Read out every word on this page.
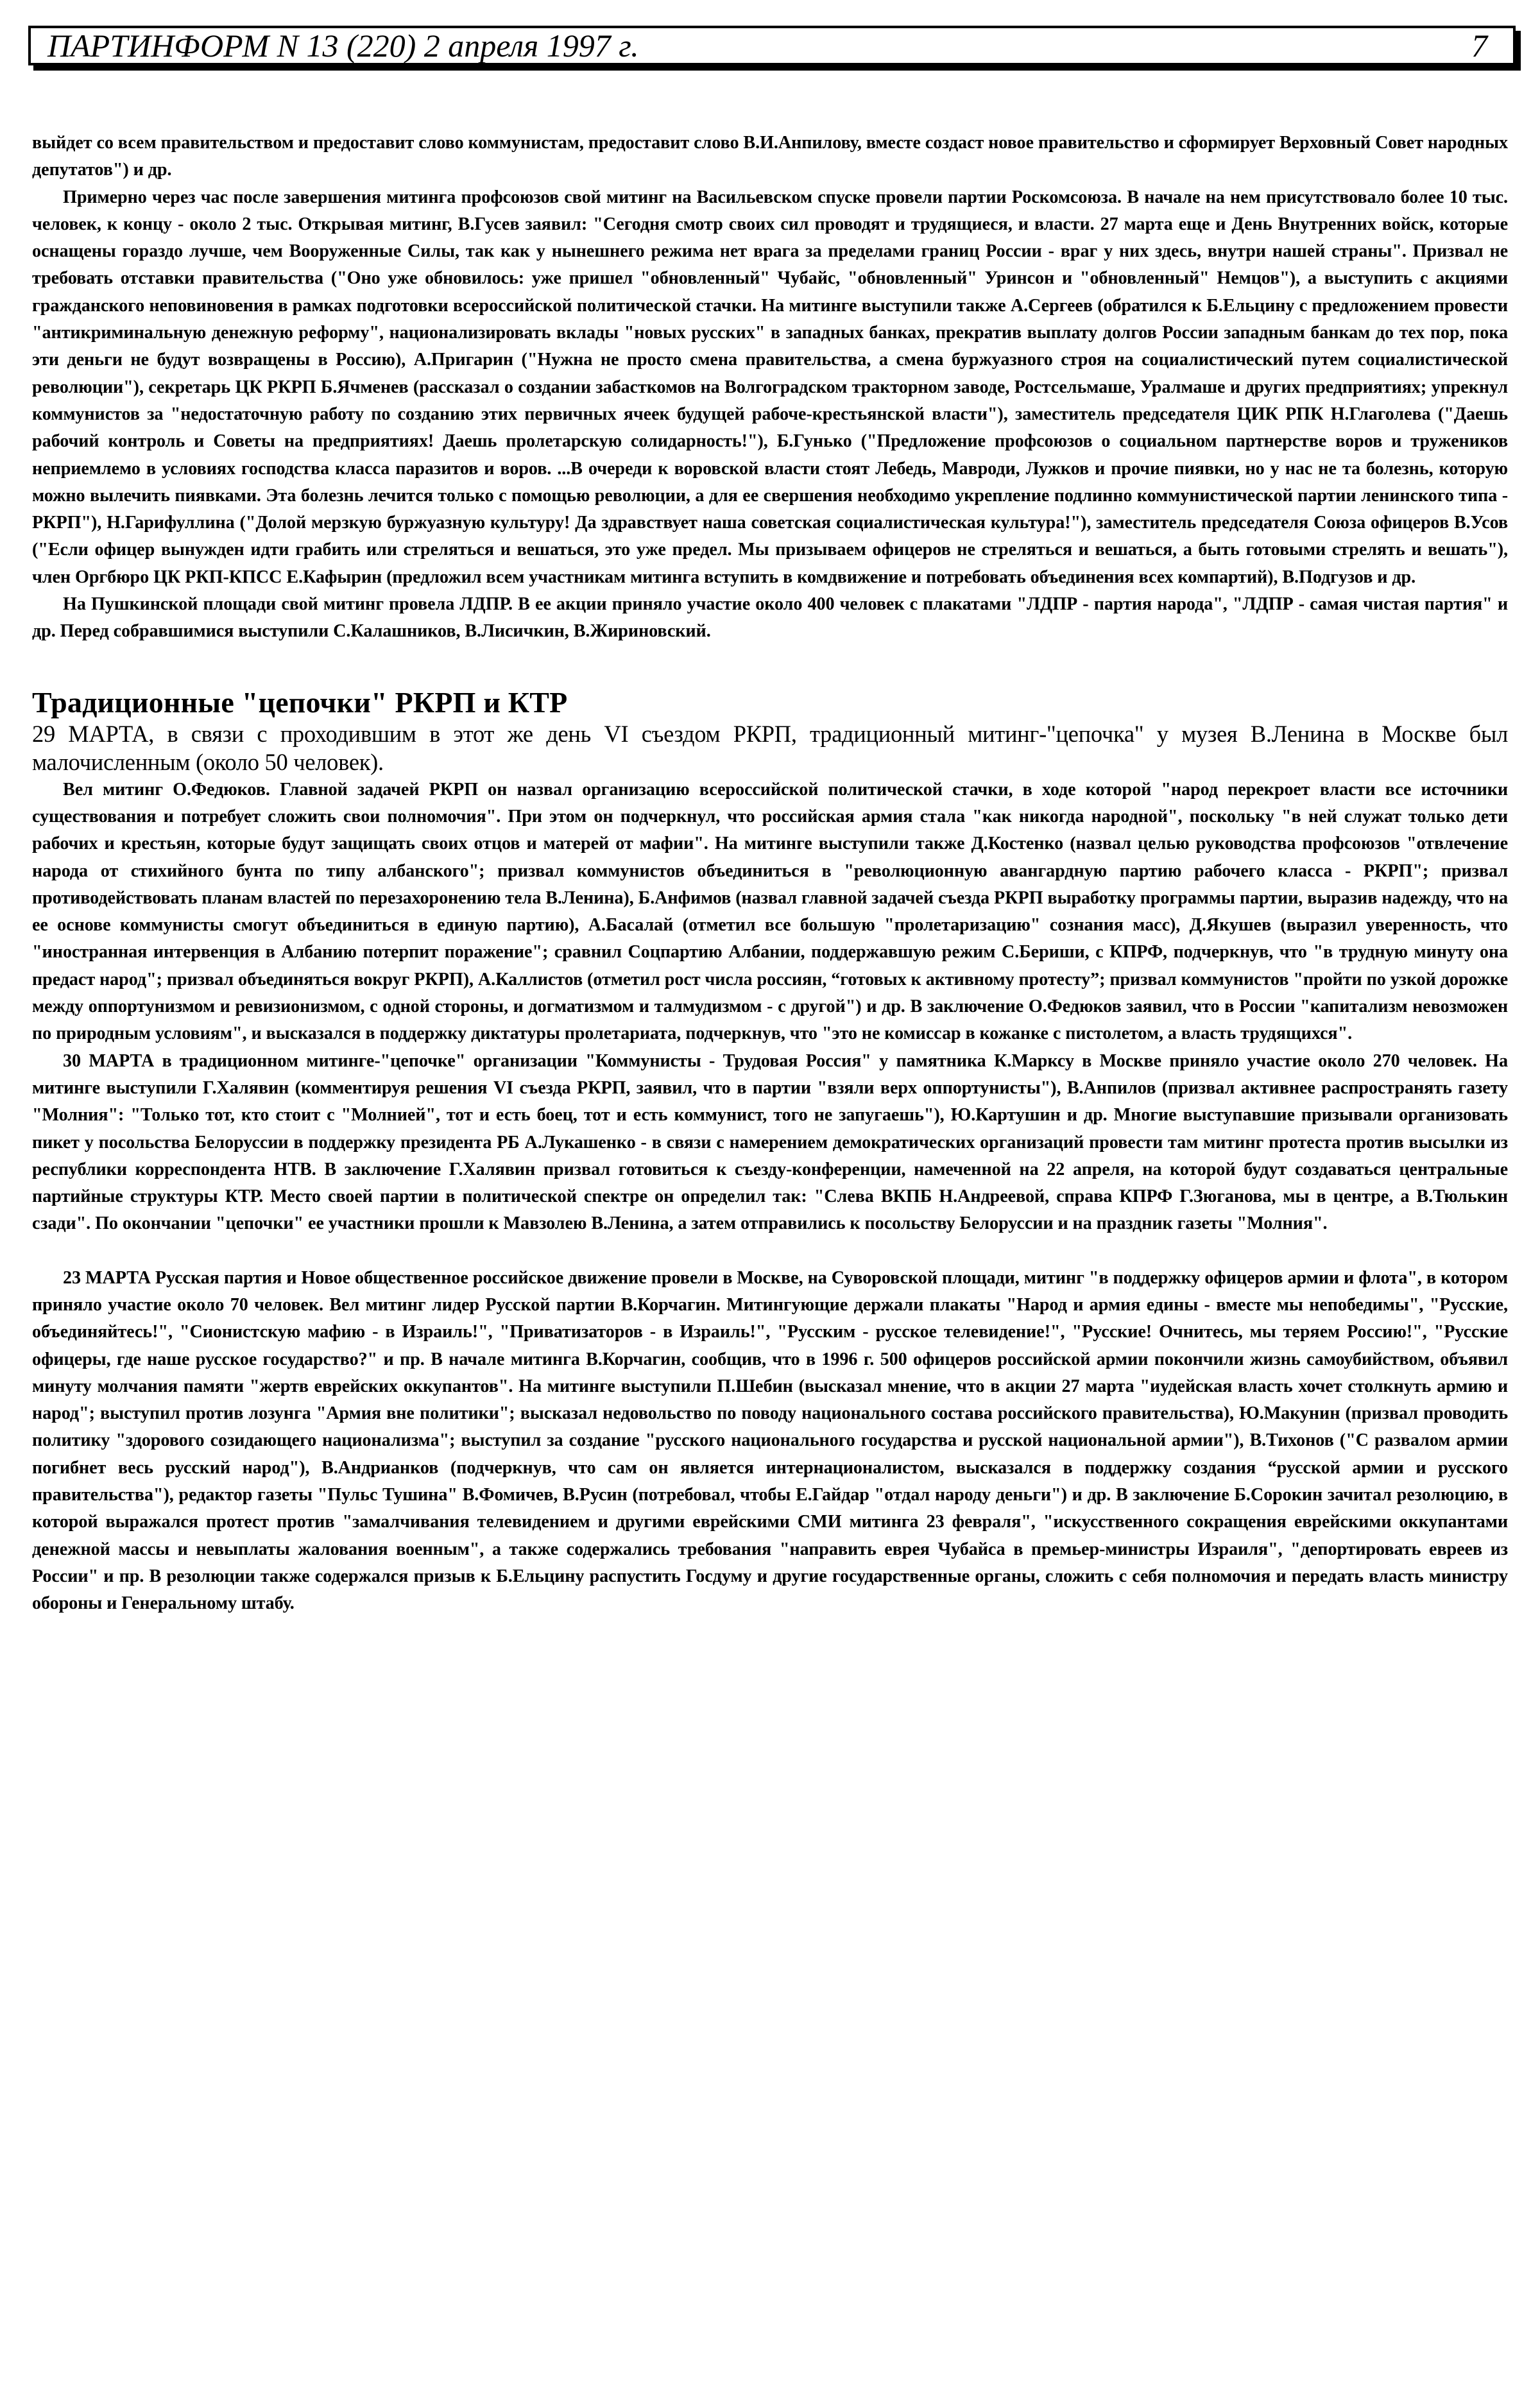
ПАРТИНФОРМ N 13 (220) 2 апреля 1997 г.	7

выйдет со всем правительством и предоставит слово коммунистам, предоставит слово В.И.Анпилову, вместе создаст новое правительство и сформирует Верховный Совет народных депутатов") и др.

Примерно через час после завершения митинга профсоюзов свой митинг на Васильевском спуске провели партии Роскомсоюза. В начале на нем присутствовало более 10 тыс. человек, к концу - около 2 тыс. Открывая митинг, В.Гусев заявил: "Сегодня смотр своих сил проводят и трудящиеся, и власти. 27 марта еще и День Внутренних войск, которые оснащены гораздо лучше, чем Вооруженные Силы, так как у нынешнего режима нет врага за пределами границ России - враг у них здесь, внутри нашей страны". Призвал не требовать отставки правительства ("Оно уже обновилось: уже пришел "обновленный" Чубайс, "обновленный" Уринсон и "обновленный" Немцов"), а выступить с акциями гражданского неповиновения в рамках подготовки всероссийской политической стачки. На митинге выступили также А.Сергеев (обратился к Б.Ельцину с предложением провести "антикриминальную денежную реформу", национализировать вклады "новых русских" в западных банках, прекратив выплату долгов России западным банкам до тех пор, пока эти деньги не будут возвращены в Россию), А.Пригарин ("Нужна не просто смена правительства, а смена буржуазного строя на социалистический путем социалистической революции"), секретарь ЦК РКРП Б.Ячменев (рассказал о создании забасткомов на Волгоградском тракторном заводе, Ростсельмаше, Уралмаше и других предприятиях; упрекнул коммунистов за "недостаточную работу по созданию этих первичных ячеек будущей рабоче-крестьянской власти"), заместитель председателя ЦИК РПК Н.Глаголева ("Даешь рабочий контроль и Советы на предприятиях! Даешь пролетарскую солидарность!"), Б.Гунько ("Предложение профсоюзов о социальном партнерстве воров и тружеников неприемлемо в условиях господства класса паразитов и воров. ...В очереди к воровской власти стоят Лебедь, Мавроди, Лужков и прочие пиявки, но у нас не та болезнь, которую можно вылечить пиявками. Эта болезнь лечится только с помощью революции, а для ее свершения необходимо укрепление подлинно коммунистической партии ленинского типа - РКРП"), Н.Гарифуллина ("Долой мерзкую буржуазную культуру! Да здравствует наша советская социалистическая культура!"), заместитель председателя Союза офицеров В.Усов ("Если офицер вынужден идти грабить или стреляться и вешаться, это уже предел. Мы призываем офицеров не стреляться и вешаться, а быть готовыми стрелять и вешать"), член Оргбюро ЦК РКП-КПСС Е.Кафырин (предложил всем участникам митинга вступить в комдвижение и потребовать объединения всех компартий), В.Подгузов и др.

На Пушкинской площади свой митинг провела ЛДПР. В ее акции приняло участие около 400 человек с плакатами "ЛДПР - партия народа", "ЛДПР - самая чистая партия" и др. Перед собравшимися выступили С.Калашников, В.Лисичкин, В.Жириновский.

Традиционные "цепочки" РКРП и КТР

29 МАРТА, в связи с проходившим в этот же день VI съездом РКРП, традиционный митинг-"цепочка" у музея В.Ленина в Москве был малочисленным (около 50 человек).

Вел митинг О.Федюков. Главной задачей РКРП он назвал организацию всероссийской политической стачки, в ходе которой "народ перекроет власти все источники существования и потребует сложить свои полномочия". При этом он подчеркнул, что российская армия стала "как никогда народной", поскольку "в ней служат только дети рабочих и крестьян, которые будут защищать своих отцов и матерей от мафии". На митинге выступили также Д.Костенко (назвал целью руководства профсоюзов "отвлечение народа от стихийного бунта по типу албанского"; призвал коммунистов объединиться в "революционную авангардную партию рабочего класса - РКРП"; призвал противодействовать планам властей по перезахоронению тела В.Ленина), Б.Анфимов (назвал главной задачей съезда РКРП выработку программы партии, выразив надежду, что на ее основе коммунисты смогут объединиться в единую партию), А.Басалай (отметил все большую "пролетаризацию" сознания масс), Д.Якушев (выразил уверенность, что "иностранная интервенция в Албанию потерпит поражение"; сравнил Соцпартию Албании, поддержавшую режим С.Бериши, с КПРФ, подчеркнув, что "в трудную минуту она предаст народ"; призвал объединяться вокруг РКРП), А.Каллистов (отметил рост числа россиян, “готовых к активному протесту”; призвал коммунистов "пройти по узкой дорожке между оппортунизмом и ревизионизмом, с одной стороны, и догматизмом и талмудизмом - с другой") и др. В заключение О.Федюков заявил, что в России "капитализм невозможен по природным условиям", и высказался в поддержку диктатуры пролетариата, подчеркнув, что "это не комиссар в кожанке с пистолетом, а власть трудящихся".

30 МАРТА в традиционном митинге-"цепочке" организации "Коммунисты - Трудовая Россия" у памятника К.Марксу в Москве приняло участие около 270 человек. На митинге выступили Г.Халявин (комментируя решения VI съезда РКРП, заявил, что в партии "взяли верх оппортунисты"), В.Анпилов (призвал активнее распространять газету "Молния": "Только тот, кто стоит с "Молнией", тот и есть боец, тот и есть коммунист, того не запугаешь"), Ю.Картушин и др. Многие выступавшие призывали организовать пикет у посольства Белоруссии в поддержку президента РБ А.Лукашенко - в связи с намерением демократических организаций провести там митинг протеста против высылки из республики корреспондента НТВ. В заключение Г.Халявин призвал готовиться к съезду-конференции, намеченной на 22 апреля, на которой будут создаваться центральные партийные структуры КТР. Место своей партии в политической спектре он определил так: "Слева ВКПБ Н.Андреевой, справа КПРФ Г.Зюганова, мы в центре, а В.Тюлькин сзади". По окончании "цепочки" ее участники прошли к Мавзолею В.Ленина, а затем отправились к посольству Белоруссии и на праздник газеты "Молния".

23 МАРТА Русская партия и Новое общественное российское движение провели в Москве, на Суворовской площади, митинг "в поддержку офицеров армии и флота", в котором приняло участие около 70 человек. Вел митинг лидер Русской партии В.Корчагин. Митингующие держали плакаты "Народ и армия едины - вместе мы непобедимы", "Русские, объединяйтесь!", "Сионистскую мафию - в Израиль!", "Приватизаторов - в Израиль!", "Русским - русское телевидение!", "Русские! Очнитесь, мы теряем Россию!", "Русские офицеры, где наше русское государство?" и пр. В начале митинга В.Корчагин, сообщив, что в 1996 г. 500 офицеров российской армии покончили жизнь самоубийством, объявил минуту молчания памяти "жертв еврейских оккупантов". На митинге выступили П.Шебин (высказал мнение, что в акции 27 марта "иудейская власть хочет столкнуть армию и народ"; выступил против лозунга "Армия вне политики"; высказал недовольство по поводу национального состава российского правительства), Ю.Макунин (призвал проводить политику "здорового созидающего национализма"; выступил за создание "русского национального государства и русской национальной армии"), В.Тихонов ("С развалом армии погибнет весь русский народ"), В.Андрианков (подчеркнув, что сам он является интернационалистом, высказался в поддержку создания “русской армии и русского правительства"), редактор газеты "Пульс Тушина" В.Фомичев, В.Русин (потребовал, чтобы Е.Гайдар "отдал народу деньги") и др. В заключение Б.Сорокин зачитал резолюцию, в которой выражался протест против "замалчивания телевидением и другими еврейскими СМИ митинга 23 февраля", "искусственного сокращения еврейскими оккупантами денежной массы и невыплаты жалования военным", а также содержались требования "направить еврея Чубайса в премьер-министры Израиля", "депортировать евреев из России" и пр. В резолюции также содержался призыв к Б.Ельцину распустить Госдуму и другие государственные органы, сложить с себя полномочия и передать власть министру обороны и Генеральному штабу.
